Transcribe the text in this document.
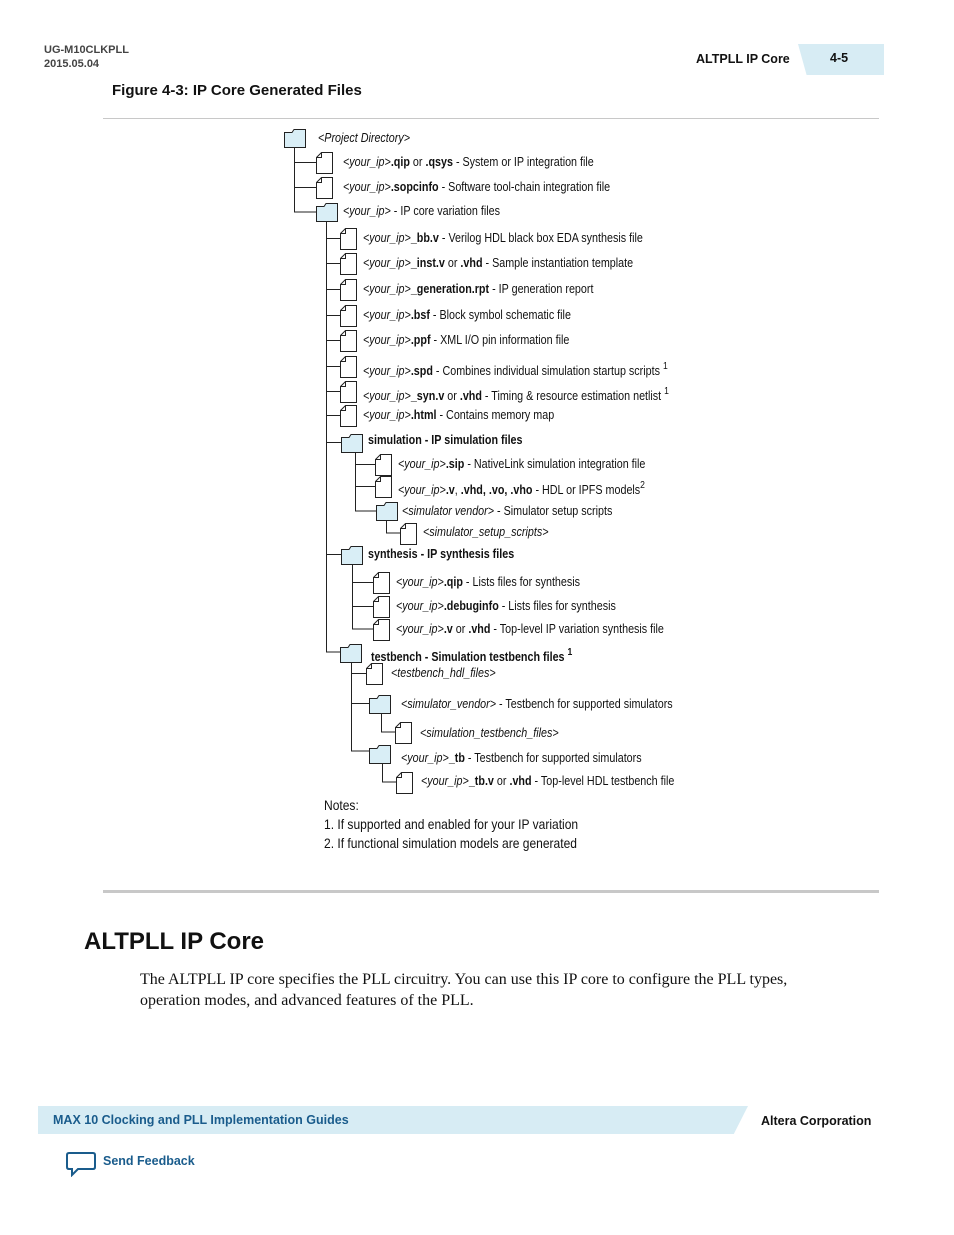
UG-M10CLKPLL
2015.05.04	ALTPLL IP Core	4-5
Figure 4-3: IP Core Generated Files
<Project Directory>
<your_ip>.qip or .qsys - System or IP integration file
<your_ip>.sopcinfo - Software tool-chain integration file
<your_ip> - IP core variation files
<your_ip>_bb.v - Verilog HDL black box EDA synthesis file
<your_ip>_inst.v or .vhd - Sample instantiation template
<your_ip>_generation.rpt - IP generation report
<your_ip>.bsf - Block symbol schematic file
<your_ip>.ppf - XML I/O pin information file
<your_ip>.spd - Combines individual simulation startup scripts $^1$
<your_ip>_syn.v or .vhd - Timing & resource estimation netlist $^1$
<your_ip>.html - Contains memory map
simulation - IP simulation files
<your_ip>.sip - NativeLink simulation integration file
<your_ip>.v, .vhd, .vo, .vho - HDL or IPFS models$^2$
<simulator vendor> - Simulator setup scripts
<simulator_setup_scripts>
synthesis - IP synthesis files
<your_ip>.qip - Lists files for synthesis
<your_ip>.debuginfo - Lists files for synthesis
<your_ip>.v or .vhd - Top-level IP variation synthesis file
testbench - Simulation testbench files $^1$
<testbench_hdl_files>
<simulator_vendor> - Testbench for supported simulators
<simulation_testbench_files>
<your_ip>_tb - Testbench for supported simulators
<your_ip>_tb.v or .vhd - Top-level HDL testbench file
Notes:
1. If supported and enabled for your IP variation
2. If functional simulation models are generated
ALTPLL IP Core
The ALTPLL IP core specifies the PLL circuitry. You can use this IP core to configure the PLL types, operation modes, and advanced features of the PLL.
MAX 10 Clocking and PLL Implementation Guides	Altera Corporation
Send Feedback
